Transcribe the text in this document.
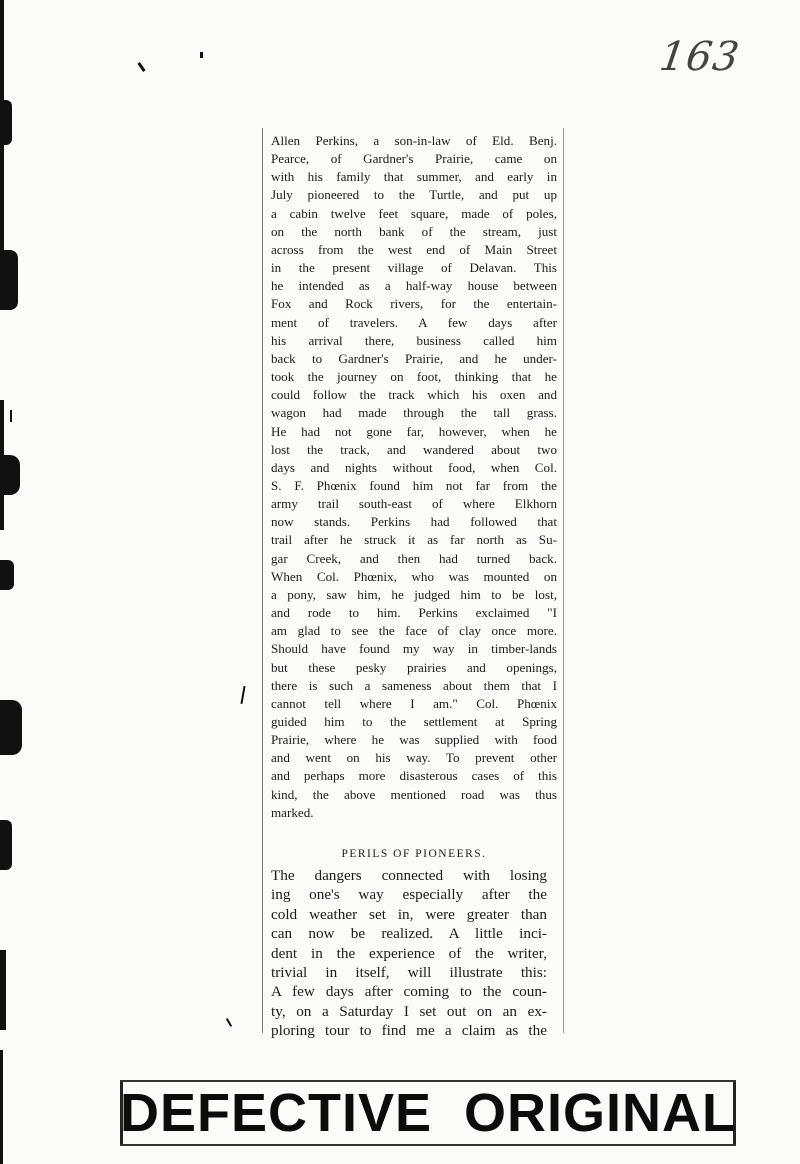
163
Allen Perkins, a son-in-law of Eld. Benj.
Pearce, of Gardner's Prairie, came on
with his family that summer, and early in
July pioneered to the Turtle, and put up
a cabin twelve feet square, made of poles,
on the north bank of the stream, just
across from the west end of Main Street
in the present village of Delavan. This
he intended as a half-way house between
Fox and Rock rivers, for the entertain-
ment of travelers. A few days after
his arrival there, business called him
back to Gardner's Prairie, and he under-
took the journey on foot, thinking that he
could follow the track which his oxen and
wagon had made through the tall grass.
He had not gone far, however, when he
lost the track, and wandered about two
days and nights without food, when Col.
S. F. Phœnix found him not far from the
army trail south-east of where Elkhorn
now stands. Perkins had followed that
trail after he struck it as far north as Su-
gar Creek, and then had turned back.
When Col. Phœnix, who was mounted on
a pony, saw him, he judged him to be lost,
and rode to him. Perkins exclaimed "I
am glad to see the face of clay once more.
Should have found my way in timber-lands
but these pesky prairies and openings,
there is such a sameness about them that I
cannot tell where I am." Col. Phœnix
guided him to the settlement at Spring
Prairie, where he was supplied with food
and went on his way. To prevent other
and perhaps more disasterous cases of this
kind, the above mentioned road was thus
marked.
PERILS OF PIONEERS.
The dangers connected with losing
ing one's way especially after the
cold weather set in, were greater than
can now be realized. A little inci-
dent in the experience of the writer,
trivial in itself, will illustrate this:
A few days after coming to the coun-
ty, on a Saturday I set out on an ex-
ploring tour to find me a claim as the
DEFECTIVE  ORIGINAL
